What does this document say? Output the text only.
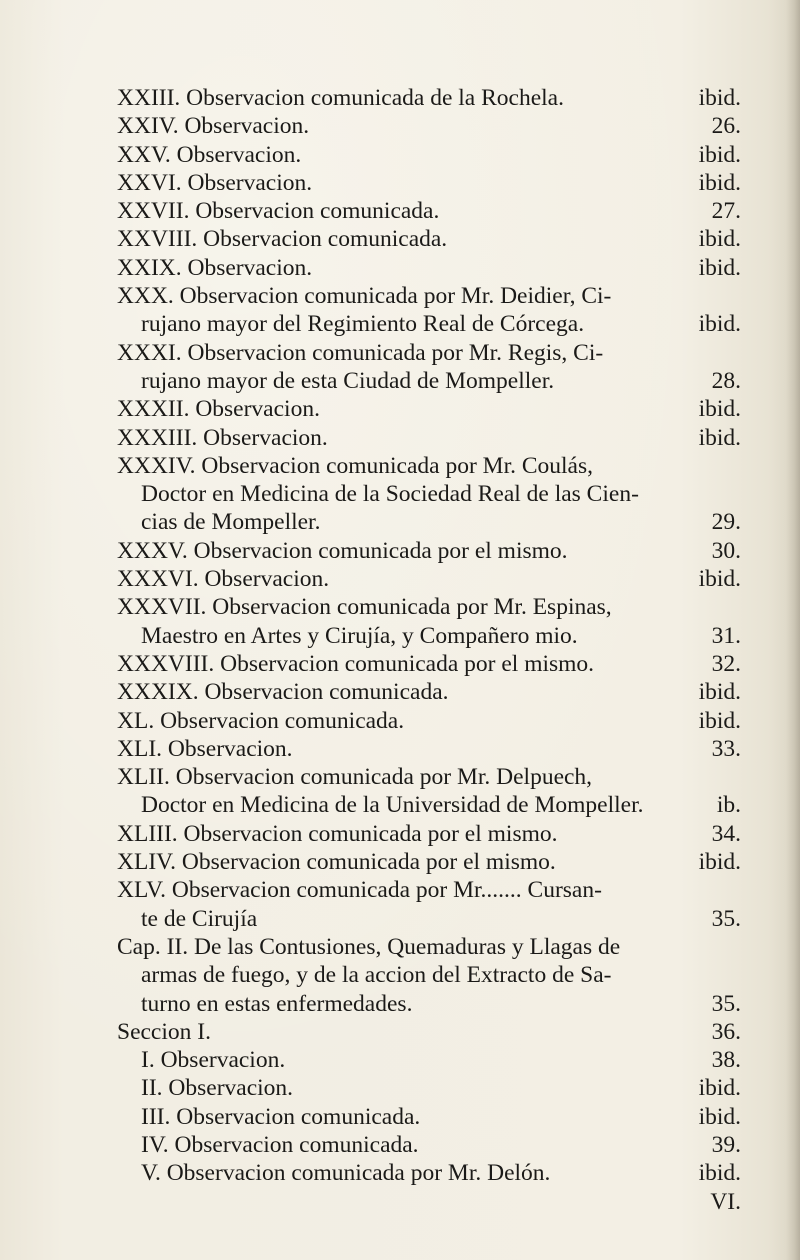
XXIII. Observacion comunicada de la Rochela.	ibid.
XXIV. Observacion.	26.
XXV. Observacion.	ibid.
XXVI. Observacion.	ibid.
XXVII. Observacion comunicada.	27.
XXVIII. Observacion comunicada.	ibid.
XXIX. Observacion.	ibid.
XXX. Observacion comunicada por Mr. Deidier, Ci-
rujano mayor del Regimiento Real de Córcega.	ibid.
XXXI. Observacion comunicada por Mr. Regis, Ci-
rujano mayor de esta Ciudad de Mompeller.	28.
XXXII. Observacion.	ibid.
XXXIII. Observacion.	ibid.
XXXIV. Observacion comunicada por Mr. Coulás,
Doctor en Medicina de la Sociedad Real de las Cien-
cias de Mompeller.	29.
XXXV. Observacion comunicada por el mismo.	30.
XXXVI. Observacion.	ibid.
XXXVII. Observacion comunicada por Mr. Espinas,
Maestro en Artes y Cirujía, y Compañero mio.	31.
XXXVIII. Observacion comunicada por el mismo.	32.
XXXIX. Observacion comunicada.	ibid.
XL. Observacion comunicada.	ibid.
XLI. Observacion.	33.
XLII. Observacion comunicada por Mr. Delpuech,
Doctor en Medicina de la Universidad de Mompeller.	ib.
XLIII. Observacion comunicada por el mismo.	34.
XLIV. Observacion comunicada por el mismo.	ibid.
XLV. Observacion comunicada por Mr....... Cursan-
te de Cirujía	35.
Cap. II. De las Contusiones, Quemaduras y Llagas de
armas de fuego, y de la accion del Extracto de Sa-
turno en estas enfermedades.	35.
Seccion I.	36.
I. Observacion.	38.
II. Observacion.	ibid.
III. Observacion comunicada.	ibid.
IV. Observacion comunicada.	39.
V. Observacion comunicada por Mr. Delón.	ibid.
VI.
